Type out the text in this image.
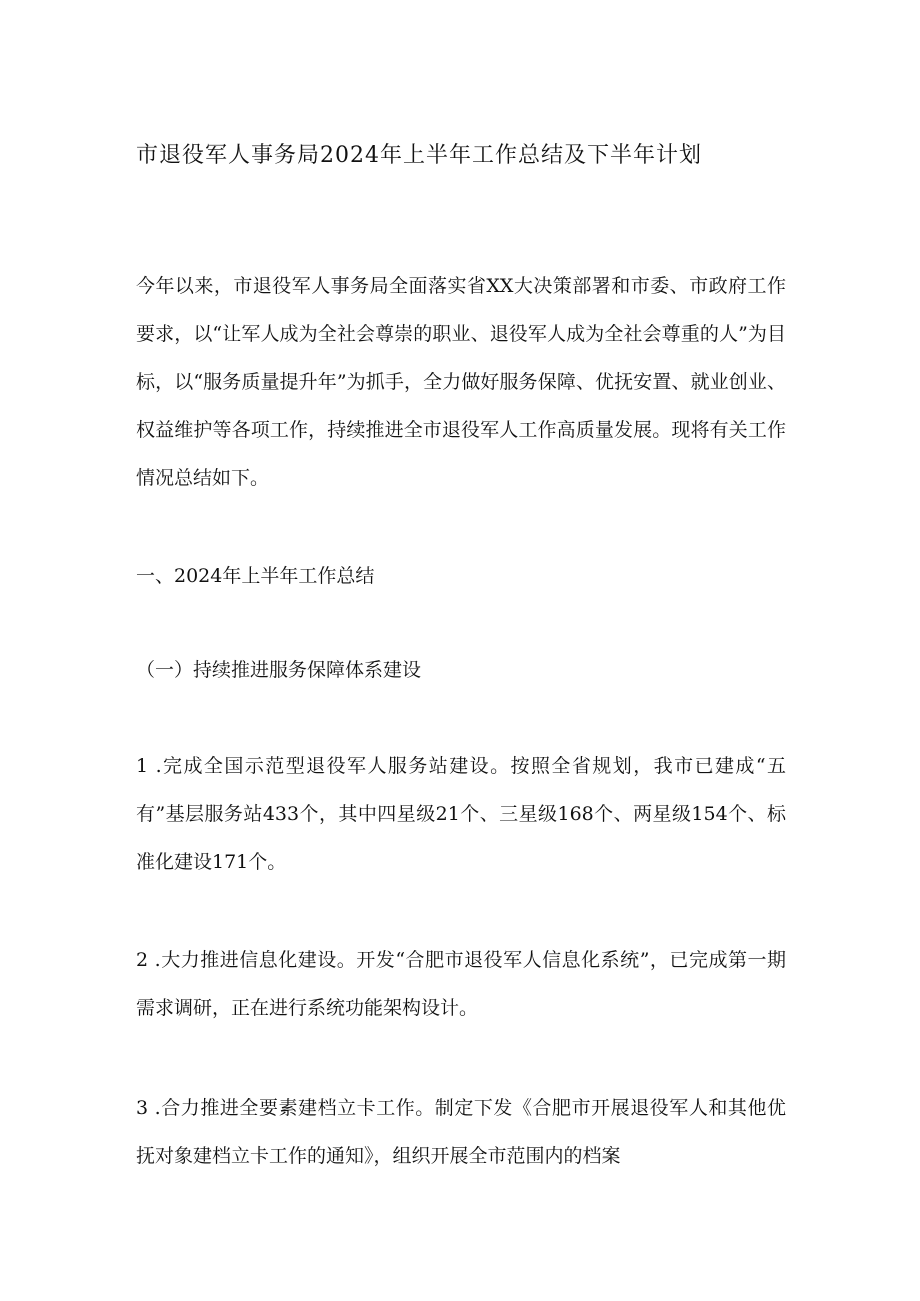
市退役军人事务局2024年上半年工作总结及下半年计划

今年以来，市退役军人事务局全面落实省XX大决策部署和市委、市政府工作要求，以“让军人成为全社会尊崇的职业、退役军人成为全社会尊重的人”为目标，以“服务质量提升年”为抓手，全力做好服务保障、优抚安置、就业创业、权益维护等各项工作，持续推进全市退役军人工作高质量发展。现将有关工作情况总结如下。

一、2024年上半年工作总结

（一）持续推进服务保障体系建设

1 .完成全国示范型退役军人服务站建设。按照全省规划，我市已建成“五有”基层服务站433个，其中四星级21个、三星级168个、两星级154个、标准化建设171个。

2 .大力推进信息化建设。开发“合肥市退役军人信息化系统”，已完成第一期需求调研，正在进行系统功能架构设计。

3 .合力推进全要素建档立卡工作。制定下发《合肥市开展退役军人和其他优抚对象建档立卡工作的通知》，组织开展全市范围内的档案
